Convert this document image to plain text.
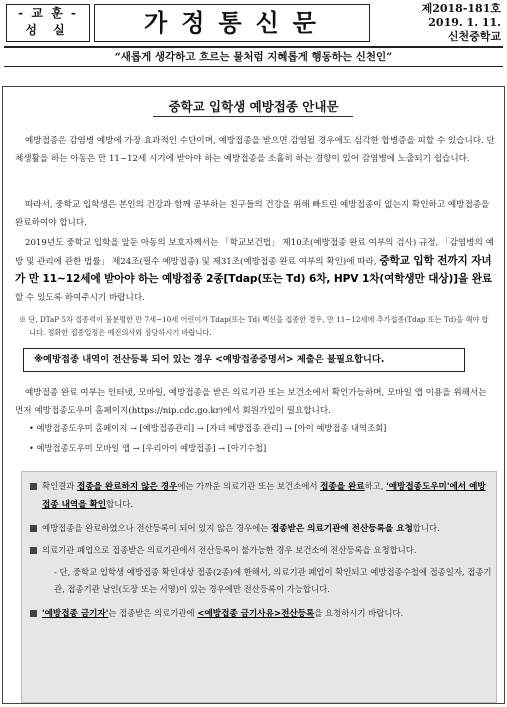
- 교 훈 -
성 실	가정통신문	제2018-181호
2019. 1. 11.
신천중학교
“새롭게 생각하고 흐르는 물처럼 지혜롭게 행동하는 신천인”
중학교 입학생 예방접종 안내문

예방접종은 감염병 예방에 가장 효과적인 수단이며, 예방접종을 받으면 감염될 경우에도 심각한 합병증을 피할 수 있습니다. 단체생활을 하는 아동은 만 11~12세 시기에 받아야 하는 예방접종을 소홀히 하는 경향이 있어 감염병에 노출되기 쉽습니다.

따라서, 중학교 입학생은 본인의 건강과 함께 공부하는 친구들의 건강을 위해 빠트린 예방접종이 없는지 확인하고 예방접종을 완료하여야 합니다.

2019년도 중학교 입학을 앞둔 아동의 보호자께서는 「학교보건법」 제10조(예방접종 완료 여부의 검사) 규정, 「감염병의 예방 및 관리에 관한 법률」 제24조(필수 예방접종) 및 제31조(예방접종 완료 여부의 확인)에 따라, 중학교 입학 전까지 자녀가 만 11~12세에 받아야 하는 예방접종 2종[Tdap(또는 Td) 6차, HPV 1차(여학생만 대상)]을 완료할 수 있도록 하여주시기 바랍니다.

※ 단, DTaP 5차 접종력이 불분명한 만 7세~10세 어린이가 Tdap(또는 Td) 백신을 접종한 경우, 만 11~12세에 추가접종(Tdap 또는 Td)을 해야 합니다. 정확한 접종일정은 예진의사와 상담하시기 바랍니다.

※예방접종 내역이 전산등록 되어 있는 경우 <예방접종증명서> 제출은 불필요합니다.

예방접종 완료 여부는 인터넷, 모바일, 예방접종을 받은 의료기관 또는 보건소에서 확인가능하며, 모바일 앱 이용을 위해서는 먼저 예방접종도우미 홈페이지(https://nip.cdc.go.kr)에서 회원가입이 필요합니다.

• 예방접종도우미 홈페이지 → [예방접종관리] → [자녀 예방접종 관리] → [아이 예방접종 내역조회]
• 예방접종도우미 모바일 앱 → [우리아이 예방접종] → [아기수첩]
확인결과 접종을 완료하지 않은 경우에는 가까운 의료기관 또는 보건소에서 접종을 완료하고, '예방접종도우미'에서 예방접종 내역을 확인합니다.
예방접종을 완료하였으나 전산등록이 되어 있지 않은 경우에는 접종받은 의료기관에 전산등록을 요청합니다.
의료기관 폐업으로 접종받은 의료기관에서 전산등록이 불가능한 경우 보건소에 전산등록을 요청합니다.
- 단, 중학교 입학생 예방접종 확인대상 접종(2종)에 한해서, 의료기관 폐업이 확인되고 예방접종수첩에 접종일자, 접종기관, 접종기관 날인(도장 또는 서명)이 있는 경우에만 전산등록이 가능합니다.
'예방접종 금기자'는 접종받은 의료기관에 <예방접종 금기사유>전산등록을 요청하시기 바랍니다.
